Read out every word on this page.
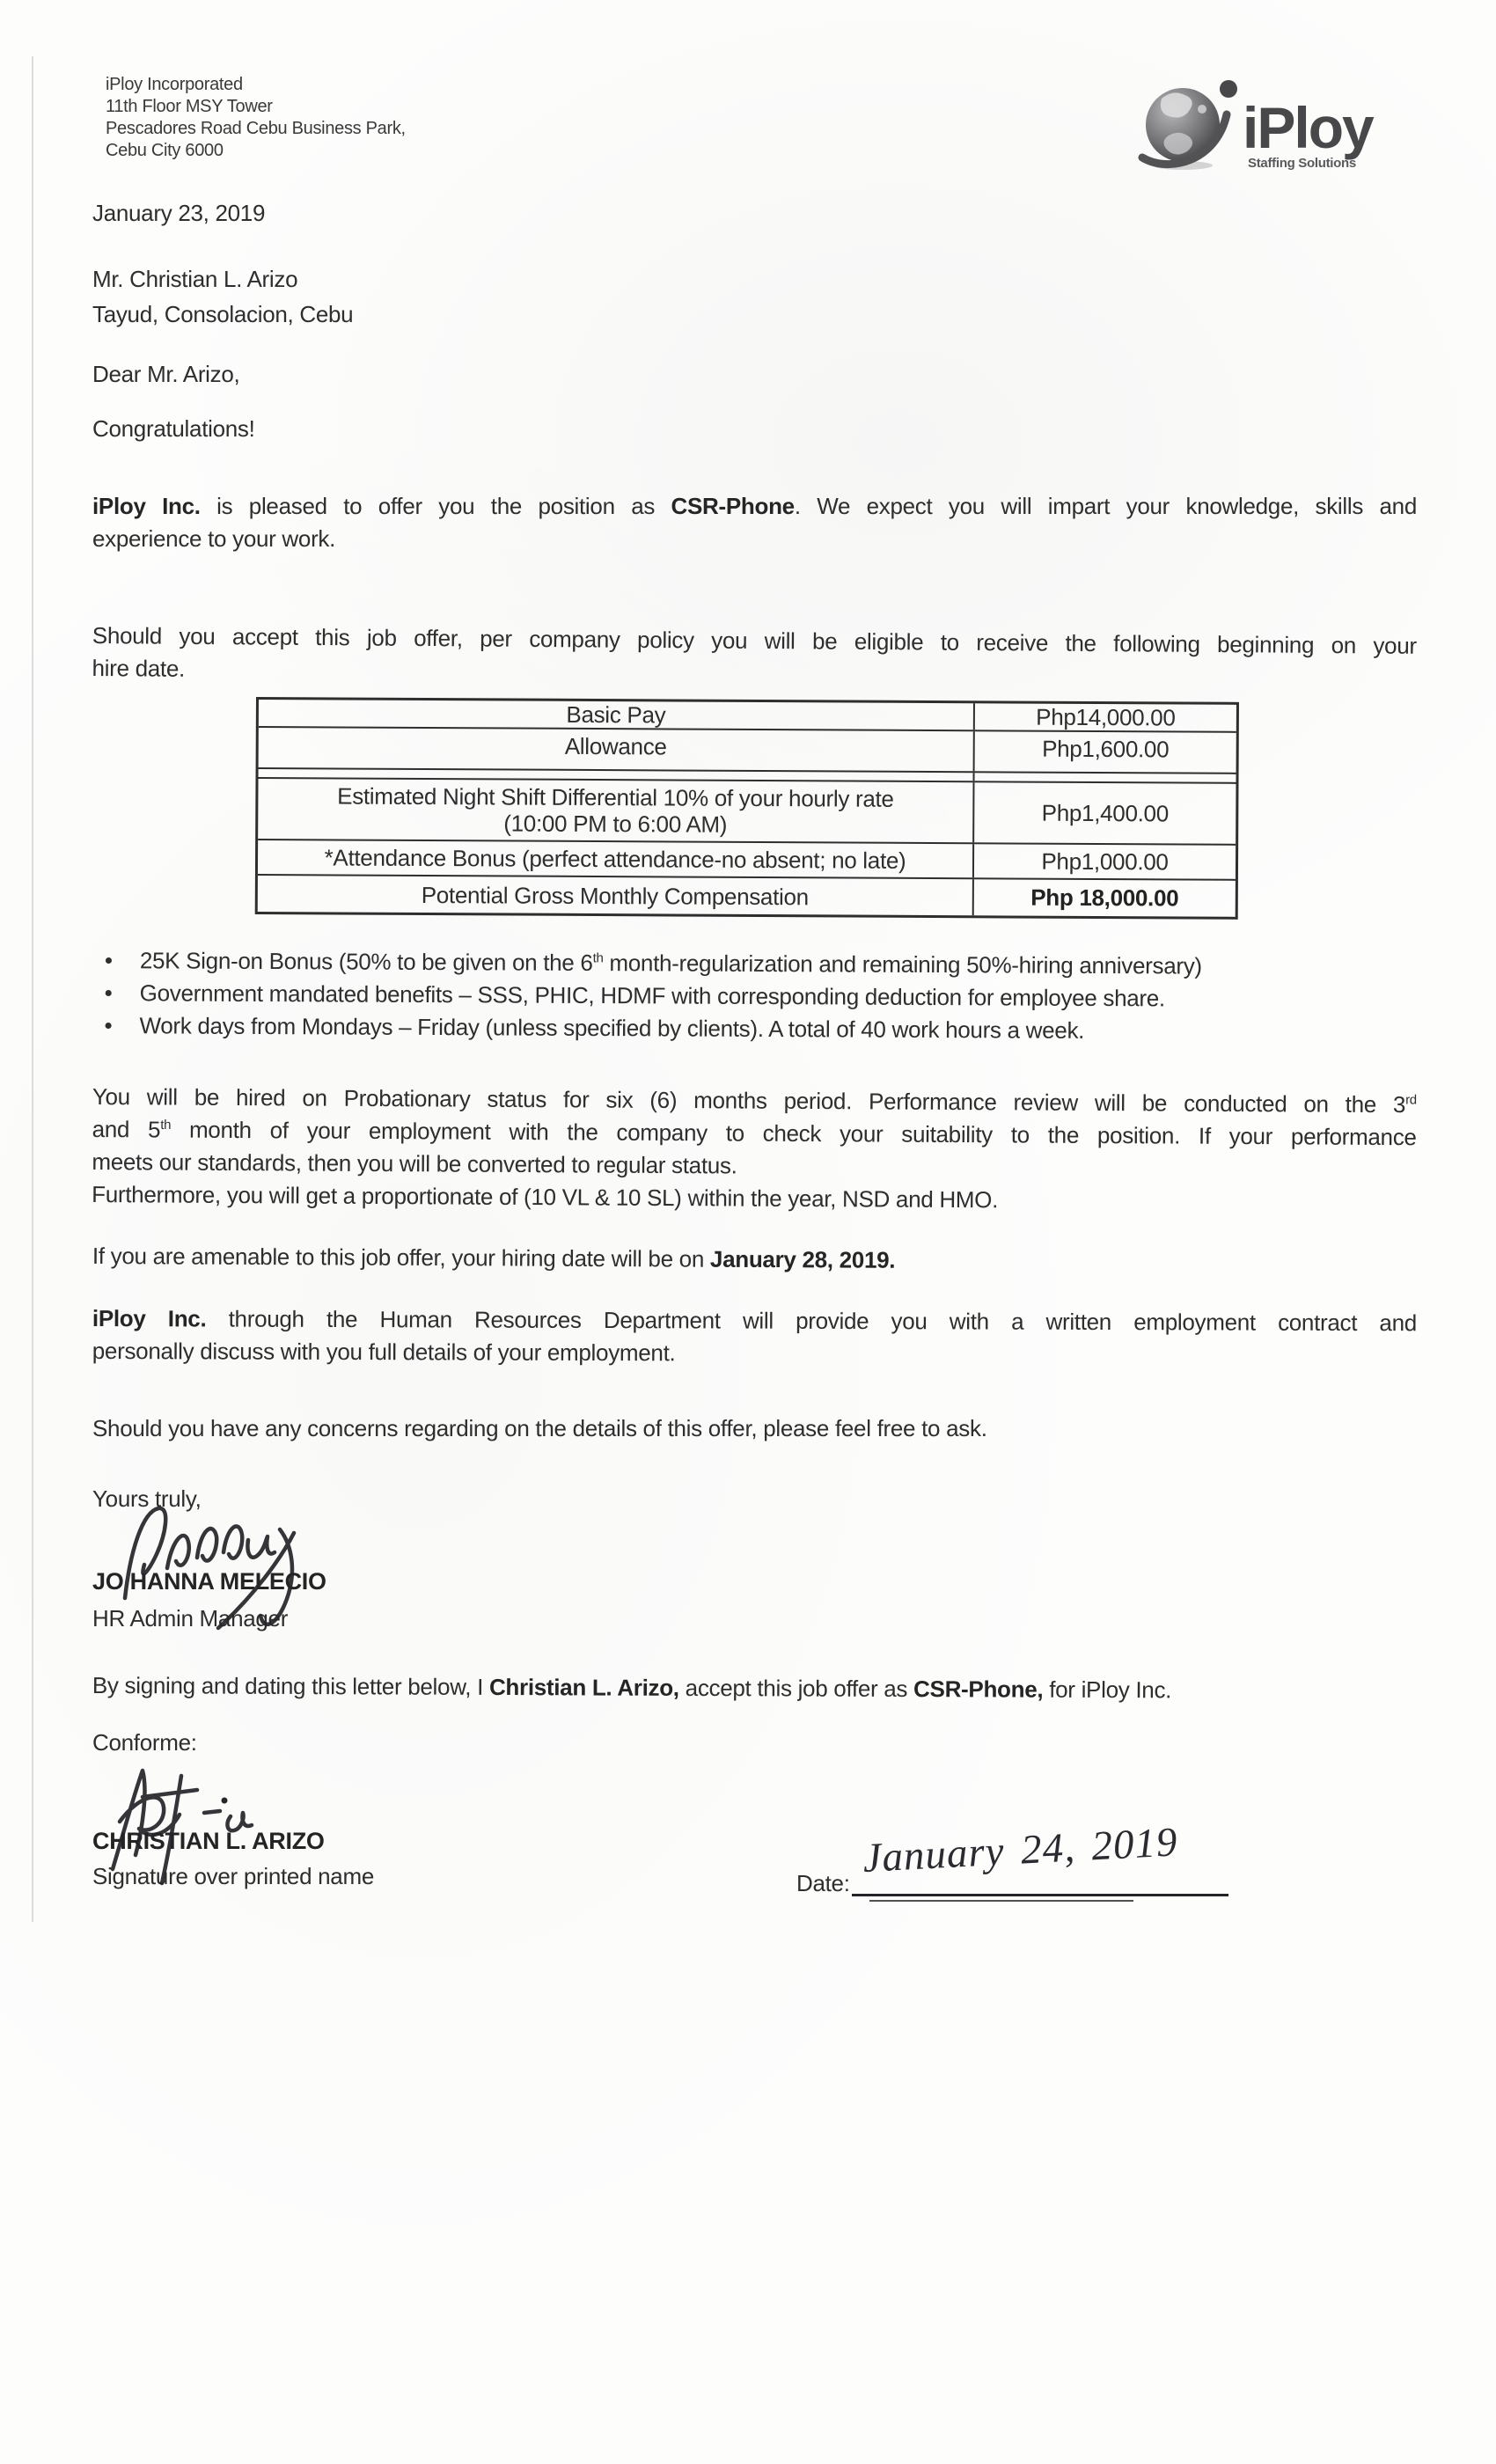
iPloy Incorporated
11th Floor MSY Tower
Pescadores Road Cebu Business Park,
Cebu City 6000	iPloy
Staffing Solutions
January 23, 2019
Mr. Christian L. Arizo
Tayud, Consolacion, Cebu
Dear Mr. Arizo,
Congratulations!
iPloy Inc. is pleased to offer you the position as CSR-Phone. We expect you will impart your knowledge, skills and
experience to your work.
Should you accept this job offer, per company policy you will be eligible to receive the following beginning on your
hire date.
Basic Pay	Php14,000.00
Allowance	Php1,600.00
Estimated Night Shift Differential 10% of your hourly rate
(10:00 PM to 6:00 AM)	Php1,400.00
*Attendance Bonus (perfect attendance-no absent; no late)	Php1,000.00
Potential Gross Monthly Compensation	Php 18,000.00
• 25K Sign-on Bonus (50% to be given on the 6th month-regularization and remaining 50%-hiring anniversary)
• Government mandated benefits – SSS, PHIC, HDMF with corresponding deduction for employee share.
• Work days from Mondays – Friday (unless specified by clients). A total of 40 work hours a week.
You will be hired on Probationary status for six (6) months period. Performance review will be conducted on the 3rd
and 5th month of your employment with the company to check your suitability to the position. If your performance
meets our standards, then you will be converted to regular status.
Furthermore, you will get a proportionate of (10 VL & 10 SL) within the year, NSD and HMO.
If you are amenable to this job offer, your hiring date will be on January 28, 2019.
iPloy Inc. through the Human Resources Department will provide you with a written employment contract and
personally discuss with you full details of your employment.
Should you have any concerns regarding on the details of this offer, please feel free to ask.
Yours truly,
JO HANNA MELECIO
HR Admin Manager
By signing and dating this letter below, I Christian L. Arizo, accept this job offer as CSR-Phone, for iPloy Inc.
Conforme:
CHRISTIAN L. ARIZO
Signature over printed name	Date:
January 24, 2019
